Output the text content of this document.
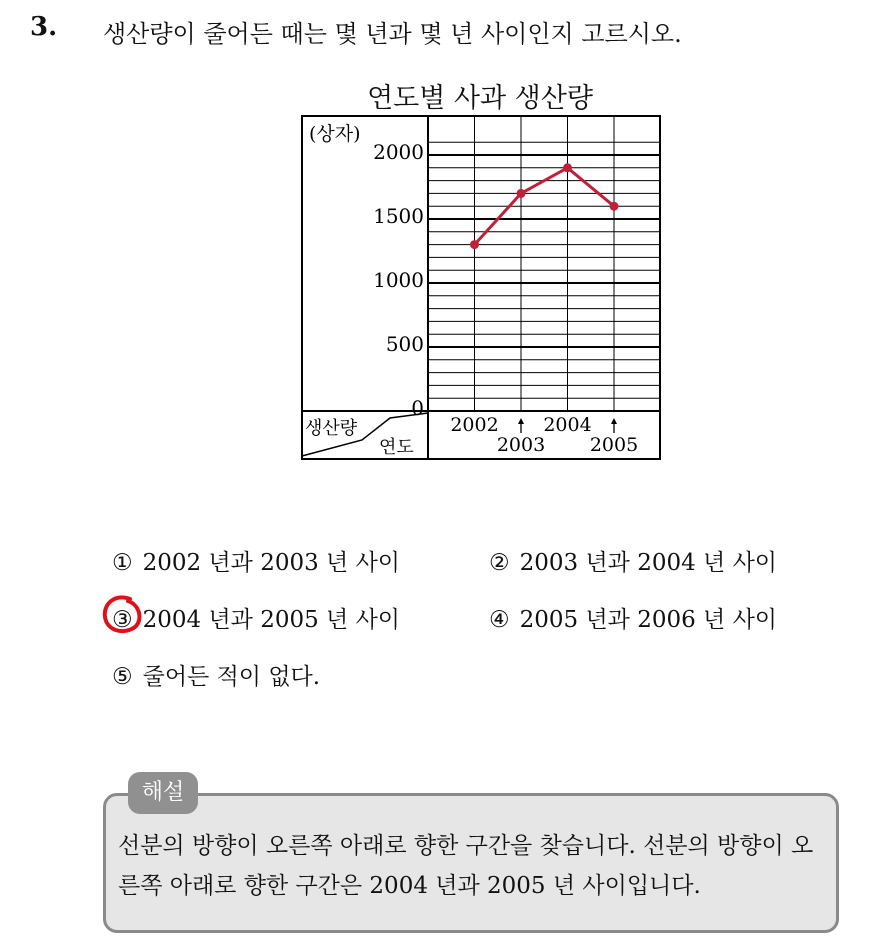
3. 생산량이 줄어든 때는 몇 년과 몇 년 사이인지 고르시오.
연도별 사과 생산량
(상자)
0
500
1000
1500
2000
생산량
연도
2002
2003
2004
2005
① 2002 년과 2003 년 사이	② 2003 년과 2004 년 사이
③ 2004 년과 2005 년 사이	④ 2005 년과 2006 년 사이
⑤ 줄어든 적이 없다.
해설
선분의 방향이 오른쪽 아래로 향한 구간을 찾습니다. 선분의 방향이 오른쪽 아래로 향한 구간은 2004 년과 2005 년 사이입니다.
